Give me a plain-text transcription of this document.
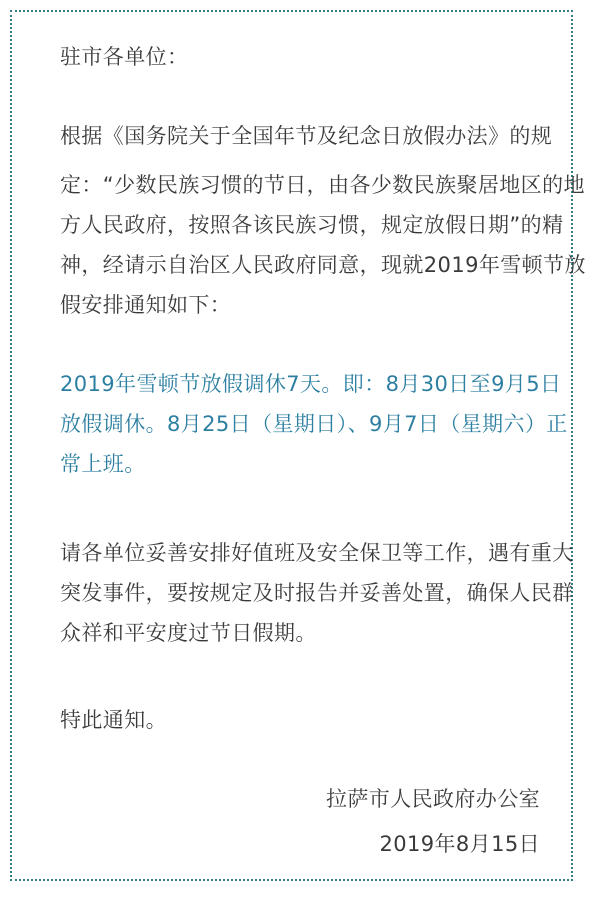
驻市各单位：
根据《国务院关于全国年节及纪念日放假办法》的规
定：“少数民族习惯的节日，由各少数民族聚居地区的地
方人民政府，按照各该民族习惯，规定放假日期”的精
神，经请示自治区人民政府同意，现就2019年雪顿节放
假安排通知如下：
2019年雪顿节放假调休7天。即：8月30日至9月5日
放假调休。8月25日（星期日）、9月7日（星期六）正
常上班。
请各单位妥善安排好值班及安全保卫等工作，遇有重大
突发事件，要按规定及时报告并妥善处置，确保人民群
众祥和平安度过节日假期。
特此通知。
拉萨市人民政府办公室
2019年8月15日
